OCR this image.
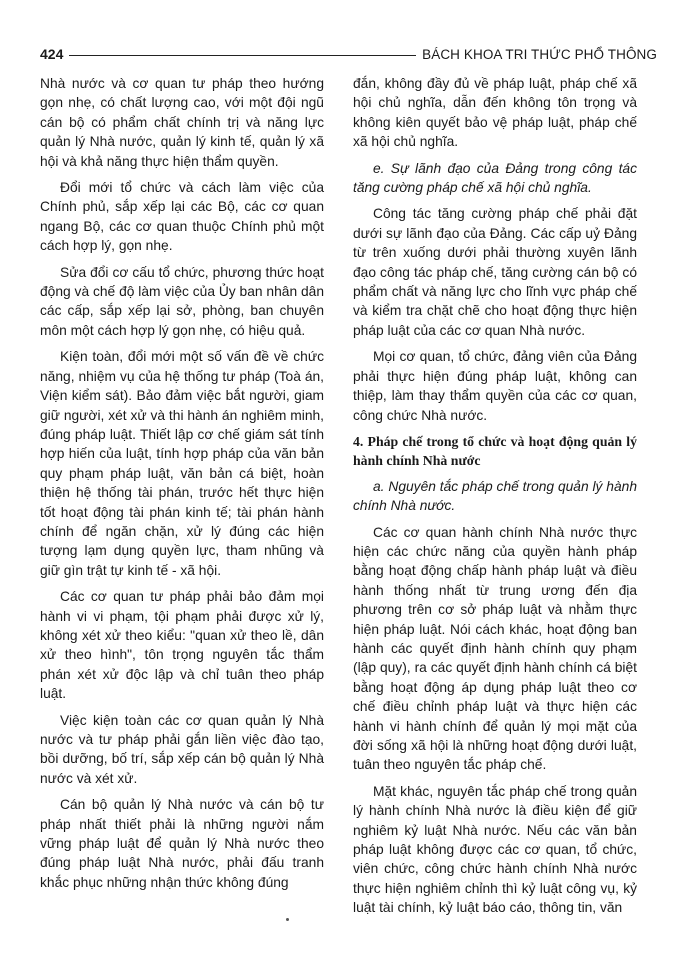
424	BÁCH KHOA TRI THỨC PHỔ THÔNG

Nhà nước và cơ quan tư pháp theo hướng gọn nhẹ, có chất lượng cao, với một đội ngũ cán bộ có phẩm chất chính trị và năng lực quản lý Nhà nước, quản lý kinh tế, quản lý xã hội và khả năng thực hiện thẩm quyền.

Đổi mới tổ chức và cách làm việc của Chính phủ, sắp xếp lại các Bộ, các cơ quan ngang Bộ, các cơ quan thuộc Chính phủ một cách hợp lý, gọn nhẹ.

Sửa đổi cơ cấu tổ chức, phương thức hoạt động và chế độ làm việc của Ủy ban nhân dân các cấp, sắp xếp lại sở, phòng, ban chuyên môn một cách hợp lý gọn nhẹ, có hiệu quả.

Kiện toàn, đổi mới một số vấn đề về chức năng, nhiệm vụ của hệ thống tư pháp (Toà án, Viện kiểm sát). Bảo đảm việc bắt người, giam giữ người, xét xử và thi hành án nghiêm minh, đúng pháp luật. Thiết lập cơ chế giám sát tính hợp hiến của luật, tính hợp pháp của văn bản quy phạm pháp luật, văn bản cá biệt, hoàn thiện hệ thống tài phán, trước hết thực hiện tốt hoạt động tài phán kinh tế; tài phán hành chính để ngăn chặn, xử lý đúng các hiện tượng lạm dụng quyền lực, tham nhũng và giữ gìn trật tự kinh tế - xã hội.

Các cơ quan tư pháp phải bảo đảm mọi hành vi vi phạm, tội phạm phải được xử lý, không xét xử theo kiểu: "quan xử theo lề, dân xử theo hình", tôn trọng nguyên tắc thẩm phán xét xử độc lập và chỉ tuân theo pháp luật.

Việc kiện toàn các cơ quan quản lý Nhà nước và tư pháp phải gắn liền việc đào tạo, bồi dưỡng, bố trí, sắp xếp cán bộ quản lý Nhà nước và xét xử.

Cán bộ quản lý Nhà nước và cán bộ tư pháp nhất thiết phải là những người nắm vững pháp luật để quản lý Nhà nước theo đúng pháp luật Nhà nước, phải đấu tranh khắc phục những nhận thức không đúng

đắn, không đầy đủ về pháp luật, pháp chế xã hội chủ nghĩa, dẫn đến không tôn trọng và không kiên quyết bảo vệ pháp luật, pháp chế xã hội chủ nghĩa.

e. Sự lãnh đạo của Đảng trong công tác tăng cường pháp chế xã hội chủ nghĩa.

Công tác tăng cường pháp chế phải đặt dưới sự lãnh đạo của Đảng. Các cấp uỷ Đảng từ trên xuống dưới phải thường xuyên lãnh đạo công tác pháp chế, tăng cường cán bộ có phẩm chất và năng lực cho lĩnh vực pháp chế và kiểm tra chặt chẽ cho hoạt động thực hiện pháp luật của các cơ quan Nhà nước.

Mọi cơ quan, tổ chức, đảng viên của Đảng phải thực hiện đúng pháp luật, không can thiệp, làm thay thẩm quyền của các cơ quan, công chức Nhà nước.

4. Pháp chế trong tổ chức và hoạt động quản lý hành chính Nhà nước

a. Nguyên tắc pháp chế trong quản lý hành chính Nhà nước.

Các cơ quan hành chính Nhà nước thực hiện các chức năng của quyền hành pháp bằng hoạt động chấp hành pháp luật và điều hành thống nhất từ trung ương đến địa phương trên cơ sở pháp luật và nhằm thực hiện pháp luật. Nói cách khác, hoạt động ban hành các quyết định hành chính quy phạm (lập quy), ra các quyết định hành chính cá biệt bằng hoạt động áp dụng pháp luật theo cơ chế điều chỉnh pháp luật và thực hiện các hành vi hành chính để quản lý mọi mặt của đời sống xã hội là những hoạt động dưới luật, tuân theo nguyên tắc pháp chế.

Mặt khác, nguyên tắc pháp chế trong quản lý hành chính Nhà nước là điều kiện để giữ nghiêm kỷ luật Nhà nước. Nếu các văn bản pháp luật không được các cơ quan, tổ chức, viên chức, công chức hành chính Nhà nước thực hiện nghiêm chỉnh thì kỷ luật công vụ, kỷ luật tài chính, kỷ luật báo cáo, thông tin, văn
